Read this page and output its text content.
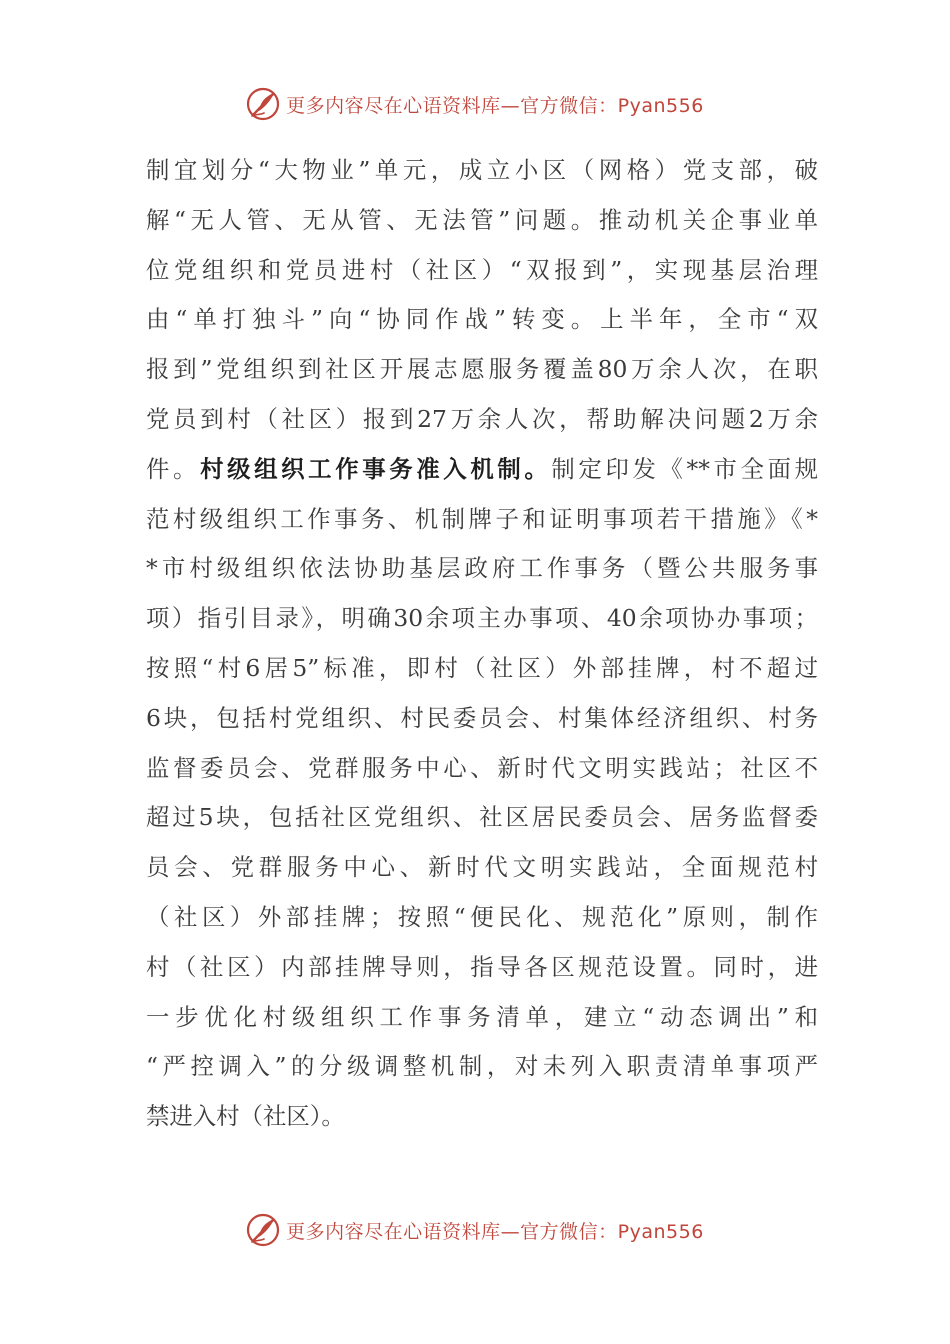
更多内容尽在心语资料库—官方微信：Pyan556
制宜划分“大物业”单元，成立小区（网格）党支部，破
解“无人管、无从管、无法管”问题。推动机关企事业单
位党组织和党员进村（社区）“双报到”，实现基层治理
由“单打独斗”向“协同作战”转变。上半年，全市“双
报到”党组织到社区开展志愿服务覆盖80万余人次，在职
党员到村（社区）报到27万余人次，帮助解决问题2万余
件。村级组织工作事务准入机制。制定印发《**市全面规
范村级组织工作事务、机制牌子和证明事项若干措施》《*
*市村级组织依法协助基层政府工作事务（暨公共服务事
项）指引目录》，明确30余项主办事项、40余项协办事项；
按照“村6居5”标准，即村（社区）外部挂牌，村不超过
6块，包括村党组织、村民委员会、村集体经济组织、村务
监督委员会、党群服务中心、新时代文明实践站；社区不
超过5块，包括社区党组织、社区居民委员会、居务监督委
员会、党群服务中心、新时代文明实践站，全面规范村
（社区）外部挂牌；按照“便民化、规范化”原则，制作
村（社区）内部挂牌导则，指导各区规范设置。同时，进
一步优化村级组织工作事务清单，建立“动态调出”和
“严控调入”的分级调整机制，对未列入职责清单事项严
禁进入村（社区）。
更多内容尽在心语资料库—官方微信：Pyan556
